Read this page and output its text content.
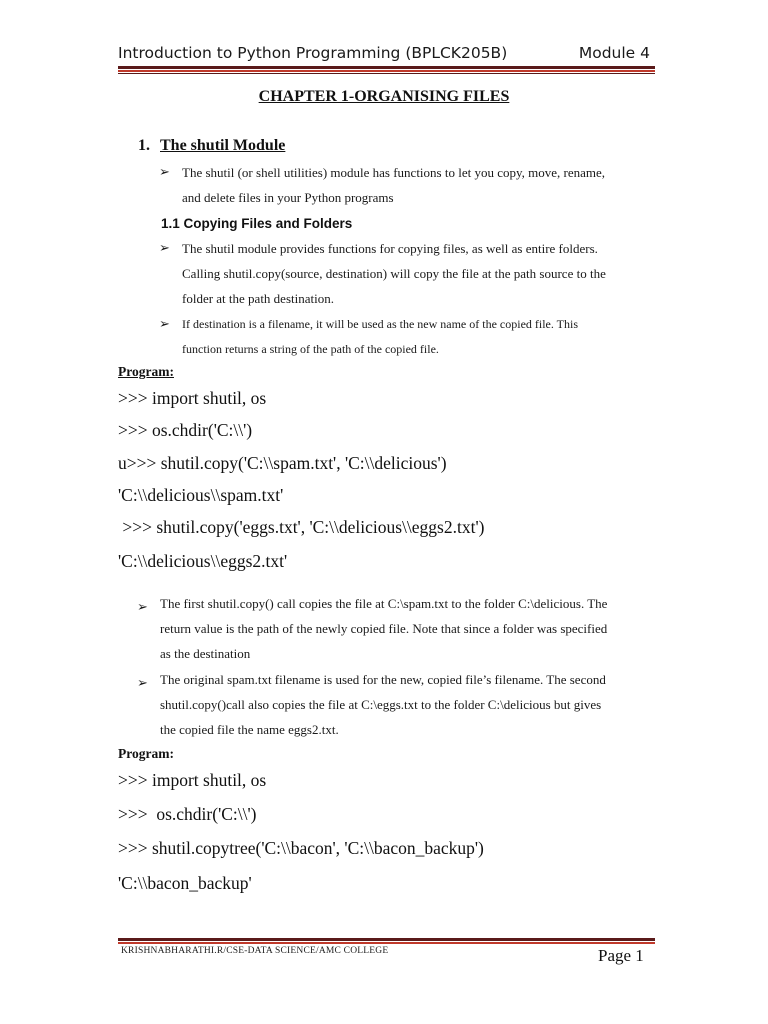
Introduction to Python Programming (BPLCK205B)	Module 4
CHAPTER 1-ORGANISING FILES
1. The shutil Module
➢ The shutil (or shell utilities) module has functions to let you copy, move, rename,
and delete files in your Python programs
1.1 Copying Files and Folders
➢ The shutil module provides functions for copying files, as well as entire folders.
Calling shutil.copy(source, destination) will copy the file at the path source to the
folder at the path destination.
➢ If destination is a filename, it will be used as the new name of the copied file. This
function returns a string of the path of the copied file.
Program:
>>> import shutil, os
>>> os.chdir('C:\\')
u>>> shutil.copy('C:\\spam.txt', 'C:\\delicious')
'C:\\delicious\\spam.txt'
>>> shutil.copy('eggs.txt', 'C:\\delicious\\eggs2.txt')
'C:\\delicious\\eggs2.txt'
➢ The first shutil.copy() call copies the file at C:\spam.txt to the folder C:\delicious. The
return value is the path of the newly copied file. Note that since a folder was specified
as the destination
➢ The original spam.txt filename is used for the new, copied file’s filename. The second
shutil.copy()call also copies the file at C:\eggs.txt to the folder C:\delicious but gives
the copied file the name eggs2.txt.
Program:
>>> import shutil, os
>>>  os.chdir('C:\\')
>>> shutil.copytree('C:\\bacon', 'C:\\bacon_backup')
'C:\\bacon_backup'
KRISHNABHARATHI.R/CSE-DATA SCIENCE/AMC COLLEGE	Page 1
